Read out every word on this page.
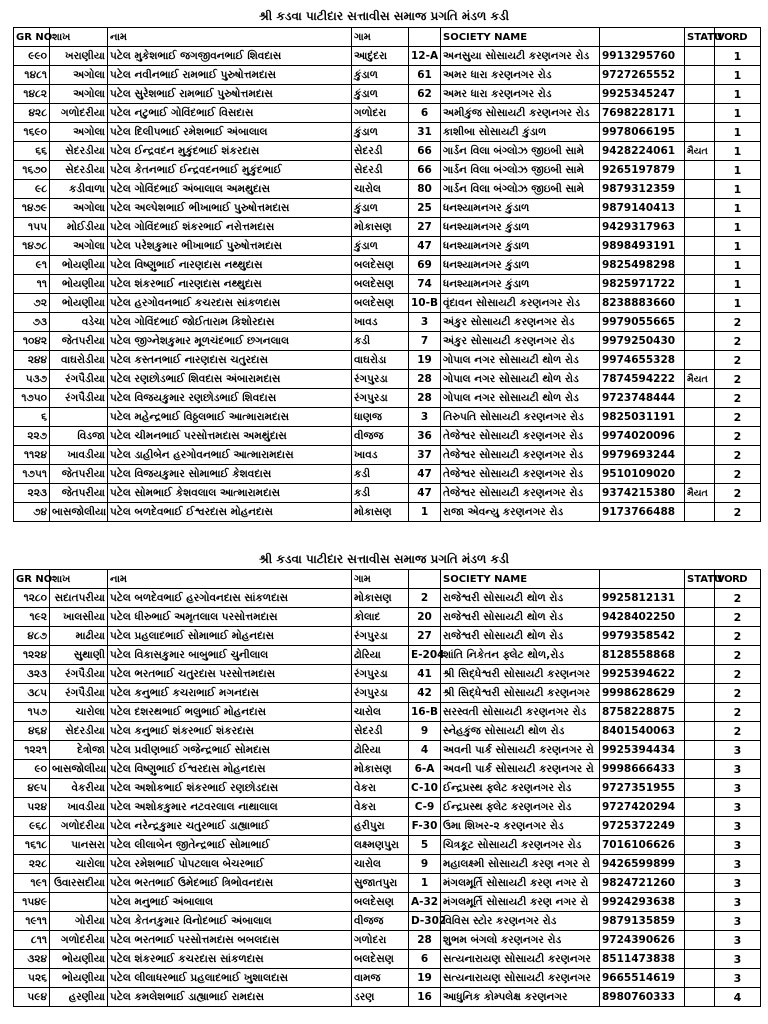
શ્રી કડવા પાટીદાર સત્તાવીસ સમાજ પ્રગતિ મંડળ કડી
GR NO	શાખ	નામ	ગામ		SOCIETY NAME		STATU	VORD
૯૯૦	ખરાણીયા	પટેલ મુકેશભાઈ જગજીવનભાઈ શિવદાસ	આદુંદરા	12-A	અનસુયા સોસાયટી કરણનગર રોડ	9913295760		1
૧૪૮૧	અગોલા	પટેલ નવીનભાઈ રામભાઈ પુરુષોત્તમદાસ	કુંડાળ	61	અમર ધારા કરણનગર રોડ	9727265552		1
૧૪૮૨	અગોલા	પટેલ સુરેશભાઈ રામભાઈ પુરુષોત્તમદાસ	કુંડાળ	62	અમર ધારા કરણનગર રોડ	9925345247		1
૪૨૮	ગળોદરીયા	પટેલ નટુભાઈ ગોવિંદભાઈ વિસદાસ	ગળોદરા	6	અમીકુંજ સોસાયટી કરણનગર રોડ	7698228171		1
૧૬૯૦	અગોલા	પટેલ દિલીપભાઈ રમેશભાઈ અંબાલાલ	કુંડાળ	31	કાશીબા સોસાયટી કુંડાળ	9978066195		1
૬૬	સેદરડીયા	પટેલ ઈન્દ્રવદન મુકુંદભાઈ શંકરદાસ	સેદરડી	66	ગાર્ડન વિલા બંગ્લોઝ જીઇબી સામે	9428224061	મૈયત	1
૧૬૭૦	સેદરડીયા	પટેલ કેતનભાઈ ઈન્દ્રવદનભાઈ મુકુંદભાઈ	સેદરડી	66	ગાર્ડન વિલા બંગ્લોઝ જીઇબી સામે	9265197879		1
૯૮	કડીવાળા	પટેલ ગોવિંદભાઈ અંબાલાલ અમથુદાસ	ચારોલ	80	ગાર્ડન વિલા બંગ્લોઝ જીઇબી સામે	9879312359		1
૧૪૭૯	અગોલા	પટેલ અલ્પેશભાઈ ભીખાભાઈ પુરુષોત્તમદાસ	કુંડાળ	25	ધનશ્યામનગર કુંડાળ	9879140413		1
૧૫૫	મોઈડીયા	પટેલ ગોવિંદભાઈ શંકરભાઈ નરોત્તમદાસ	મોકાસણ	27	ધનશ્યામનગર કુંડાળ	9429317963		1
૧૪૭૮	અગોલા	પટેલ પરેશકુમાર ભીખાભાઈ પુરુષોત્તમદાસ	કુંડાળ	47	ધનશ્યામનગર કુંડાળ	9898493191		1
૯૧	ભોયણીયા	પટેલ વિષ્ણુભાઈ નારણદાસ નથ્થુદાસ	બલદેસણ	69	ધનશ્યામનગર કુંડાળ	9825498298		1
૧૧	ભોયણીયા	પટેલ શંકરભાઈ નારણદાસ નથ્થુદાસ	બલદેસણ	74	ધનશ્યામનગર કુંડાળ	9825971722		1
૭૨	ભોયણીયા	પટેલ હરગોવનભાઈ કચરદાસ સાંકળદાસ	બલદેસણ	10-B	વૃંદાવન સોસાયટી કરણનગર રોડ	8238883660		1
૭૩	વડેચા	પટેલ ગોવિંદભાઈ જોઈતારામ કિશોરદાસ	ખાવડ	3	અંકુર સોસાયટી કરણનગર રોડ	9979055665		2
૧૦૪૨	જેતપરીયા	પટેલ જીગ્નેશકુમાર મૂળચંદભાઈ છગનલાલ	કડી	7	અંકુર સોસાયટી કરણનગર રોડ	9979250430		2
૨૪૪	વાઘરોડીયા	પટેલ કસ્તનભાઈ નારણદાસ ચતુરદાસ	વાઘરોડા	19	ગોપાલ નગર સોસાયટી થોળ રોડ	9974655328		2
૫૩૭	રંગપૈડીયા	પટેલ રણછોડભાઈ શિવદાસ અંબારામદાસ	રંગપુરડા	28	ગોપાલ નગર સોસાયટી થોળ રોડ	7874594222	મૈયત	2
૧૭૫૦	રંગપૈડીયા	પટેલ વિજયકુમાર રણછોડભાઈ શિવદાસ	રંગપુરડા	28	ગોપાલ નગર સોસાયટી થોળ રોડ	9723748444		2
૬		પટેલ મહેન્દ્રભાઈ વિઠ્ઠલભાઈ આત્મારામદાસ	ધાણજ	3	તિરુપતિ સોસાયટી કરણનગર રોડ	9825031191		2
૨૨૭	વિડજા	પટેલ ચીમનભાઈ પરસોત્તમદાસ અમથુંદાસ	વીજજ	36	તેજેશ્વર સોસાયટી કરણનગર રોડ	9974020096		2
૧૧૨૪	ખાવડીયા	પટેલ ડાહીબેન હરગોવનભાઈ આત્મારામદાસ	ખાવડ	37	તેજેશ્વર સોસાયટી કરણનગર રોડ	9979693244		2
૧૭૫૧	જેતપરીયા	પટેલ વિજયકુમાર સોમાભાઈ કેશવદાસ	કડી	47	તેજેશ્વર સોસાયટી કરણનગર રોડ	9510109020		2
૨૨૩	જેતપરીયા	પટેલ સોમભાઈ કેશવલાલ આત્મારામદાસ	કડી	47	તેજેશ્વર સોસાયટી કરણનગર રોડ	9374215380	મૈયત	2
૭૪	બાસજોલીયા	પટેલ બળદેવભાઈ ઈશ્વરદાસ મોહનદાસ	મોકાસણ	1	રાજા એવન્યુ કરણનગર રોડ	9173766488		2
શ્રી કડવા પાટીદાર સત્તાવીસ સમાજ પ્રગતિ મંડળ કડી
GR NO	શાખ	નામ	ગામ		SOCIETY NAME		STATU	VORD
૧૨૮૦	સદાતપરીયા	પટેલ બળદેવભાઈ હરગોવનદાસ સાંકળદાસ	મોકાસણ	2	રાજેશ્વરી સોસાયટી થોળ રોડ	9925812131		2
૧૯૨	ખાલસીયા	પટેલ ધીરુભાઈ અમૃતલાલ પરસોત્તમદાસ	કોલાદ	20	રાજેશ્વરી સોસાયટી થોળ રોડ	9428402250		2
૪૮૭	માઢીયા	પટેલ પ્રહલાદભાઈ સોમાભાઈ મોહનદાસ	રંગપુરડા	27	રાજેશ્વરી સોસાયટી થોળ રોડ	9979358542		2
૧૨૨૪	સુથાણી	પટેલ વિકાસકુમાર બાબુભાઈ ચુનીલાલ	ઢોરિયા	E-204	શાંતિ નિકેતન ફ્લેટ થોળ,રોડ	8128558868		2
૩૨૩	રંગપૈડીયા	પટેલ ભરતભાઈ ચતુરદાસ પરસોત્તમદાસ	રંગપુરડા	41	શ્રી સિદ્ધેશ્વરી સોસાયટી કરણનગર	9925394622		2
૩૮૫	રંગપૈડીયા	પટેલ કનુભાઈ કચરાભાઈ મગનદાસ	રંગપુરડા	42	શ્રી સિદ્ધેશ્વરી સોસાયટી કરણનગર	9998628629		2
૧૫૭	ચારોલા	પટેલ દશરથભાઈ ભલુભાઈ મોહનદાસ	ચારોલ	16-B	સરસ્વતી સોસાયટી કરણનગર રોડ	8758228875		2
૪૬૪	સેદરડીયા	પટેલ કનુભાઈ શંકરભાઈ શંકરદાસ	સેદરડી	9	સ્નેહકુંજ સોસાયટી થોળ રોડ	8401540063		2
૧૨૨૧	દેત્રોજા	પટેલ પ્રવીણભાઈ ગજેન્દ્રભાઈ સોમદાસ	ઢોરિયા	4	અવની પાર્ક સોસાયટી કરણનગર રો	9925394434		3
૯૦	બાસજોલીયા	પટેલ વિષ્ણુભાઈ ઈશ્વરદાસ મોહનદાસ	મોકાસણ	6-A	અવની પાર્ક સોસાયટી કરણનગર રો	9998666433		3
૪૯૫	વેકરીયા	પટેલ અશોકભાઈ શંકરભાઈ રણછોડદાસ	વેકરા	C-10	ઈન્દ્રપ્રસ્થ ફ્લેટ કરણનગર રોડ	9727351955		3
૫૨૪	ખાવડીયા	પટેલ અશોકકુમાર નટવરલાલ નાથાલાલ	વેકરા	C-9	ઈન્દ્રપ્રસ્થ ફ્લેટ કરણનગર રોડ	9727420294		3
૯૬૮	ગળોદરીયા	પટેલ નરેન્દ્રકુમાર ચતુરભાઈ ડાહ્યાભાઈ	હરીપુરા	F-30	ઉમા શિખર-૨ કરણનગર રોડ	9725372249		3
૧૬૧૮	પાનસરા	પટેલ લીલાબેન જીતેન્દ્રભાઈ સોમાભાઈ	લક્ષ્મણપુરા	5	ચિત્રકૂટ સોસાયટી કરણનગર રોડ	7016106626		3
૨૨૮	ચારોલા	પટેલ રમેશભાઈ પોપટલાલ બેચરભાઈ	ચારોલ	9	મહાલક્ષ્મી સોસાયટી કરણ નગર રો	9426599899		3
૧૯૧	ઉવારસદીયા	પટેલ ભરતભાઈ ઉમેદભાઈ ત્રિભોવનદાસ	સુજાતપુરા	1	મંગલમૂર્તિ સોસાયટી કરણ નગર રો	9824721260		3
૧૫૪૯		પટેલ મનુભાઈ અંબાલાલ	બલદેસણ	A-32	મંગલમૂર્તિ સોસાયટી કરણ નગર રો	9924293638		3
૧૯૧૧	ગોરીયા	પટેલ કેતનકુમાર વિનોદભાઈ અંબાલાલ	વીજજ	D-302	વિવિસ સ્ટોર કરણનગર રોડ	9879135859		3
૮૧૧	ગળોદરીયા	પટેલ ભરતભાઈ પરસોત્તમદાસ બબલદાસ	ગળોદરા	28	શુભમ બંગલો કરણનગર રોડ	9724390626		3
૩૨૪	ભોયણીયા	પટેલ શંકરભાઈ કચરદાસ સાંકળદાસ	બલદેસણ	6	સત્યનારાયણ સોસાયટી કરણનગર	8511473838		3
૫૨૬	ભોયણીયા	પટેલ લીલાધરભાઈ પ્રહલાદભાઈ ખુશાલદાસ	વામજ	19	સત્યનારાયણ સોસાયટી કરણનગર	9665514619		3
૫૯૪	હરણીયા	પટેલ કમલેશભાઈ ડાહ્યાભાઈ રામદાસ	ડરણ	16	આધુનિક કોમ્પલેક્ષ કરણનગર	8980760333		4
